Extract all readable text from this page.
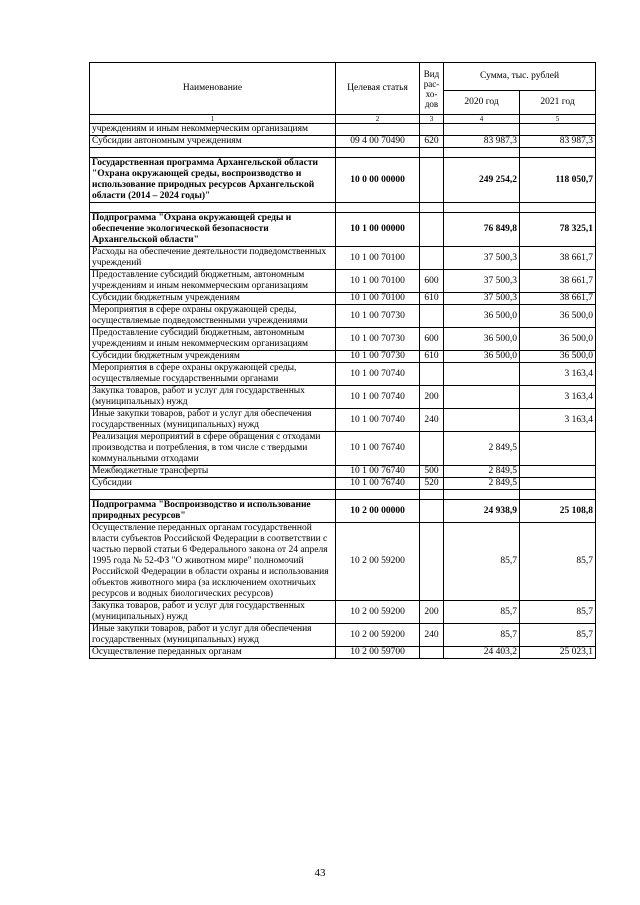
Наименование	Целевая статья	Вид рас- хо- дов	Сумма, тыс. рублей	
			2020 год	2021 год
1	2	3	4	5
учреждениям и иным некоммерческим организациям				
Субсидии автономным учреждениям	09 4 00 70490	620	83 987,3	83 987,3

Государственная программа Архангельской области "Охрана окружающей среды, воспроизводство и использование природных ресурсов Архангельской области (2014 – 2024 годы)"	10 0 00 00000		249 254,2	118 050,7

Подпрограмма "Охрана окружающей среды и обеспечение экологической безопасности Архангельской области"	10 1 00 00000		76 849,8	78 325,1
Расходы на обеспечение деятельности подведомственных учреждений	10 1 00 70100		37 500,3	38 661,7
Предоставление субсидий бюджетным, автономным учреждениям и иным некоммерческим организациям	10 1 00 70100	600	37 500,3	38 661,7
Субсидии бюджетным учреждениям	10 1 00 70100	610	37 500,3	38 661,7
Мероприятия в сфере охраны окружающей среды, осуществляемые подведомственными учреждениями	10 1 00 70730		36 500,0	36 500,0
Предоставление субсидий бюджетным, автономным учреждениям и иным некоммерческим организациям	10 1 00 70730	600	36 500,0	36 500,0
Субсидии бюджетным учреждениям	10 1 00 70730	610	36 500,0	36 500,0
Мероприятия в сфере охраны окружающей среды, осуществляемые государственными органами	10 1 00 70740			3 163,4
Закупка товаров, работ и услуг для государственных (муниципальных) нужд	10 1 00 70740	200		3 163,4
Иные закупки товаров, работ и услуг для обеспечения государственных (муниципальных) нужд	10 1 00 70740	240		3 163,4
Реализация мероприятий в сфере обращения с отходами производства и потребления, в том числе с твердыми коммунальными отходами	10 1 00 76740		2 849,5	
Межбюджетные трансферты	10 1 00 76740	500	2 849,5	
Субсидии	10 1 00 76740	520	2 849,5	

Подпрограмма "Воспроизводство и использование природных ресурсов"	10 2 00 00000		24 938,9	25 108,8
Осуществление переданных органам государственной власти субъектов Российской Федерации в соответствии с частью первой статьи 6 Федерального закона от 24 апреля 1995 года № 52-ФЗ "О животном мире" полномочий Российской Федерации в области охраны и использования объектов животного мира (за исключением охотничьих ресурсов и водных биологических ресурсов)	10 2 00 59200		85,7	85,7
Закупка товаров, работ и услуг для государственных (муниципальных) нужд	10 2 00 59200	200	85,7	85,7
Иные закупки товаров, работ и услуг для обеспечения государственных (муниципальных) нужд	10 2 00 59200	240	85,7	85,7
Осуществление переданных органам	10 2 00 59700		24 403,2	25 023,1
43
